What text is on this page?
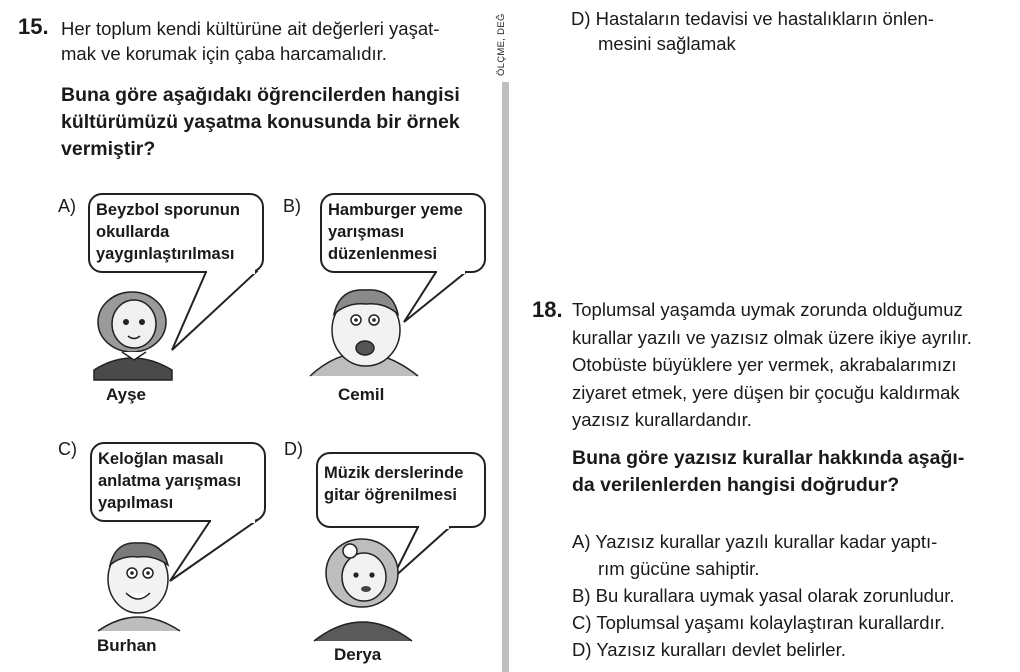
ÖLÇME, DEĞ
15. Her toplum kendi kültürüne ait değerleri yaşat-
mak ve korumak için çaba harcamalıdır.
Buna göre aşağıdakı öğrencilerden hangisi
kültürümüzü yaşatma konusunda bir örnek
vermiştir?
A) Beyzbol sporunun
okullarda
yaygınlaştırılması
Ayşe
B) Hamburger yeme
yarışması
düzenlenmesi
Cemil
C) Keloğlan masalı
anlatma yarışması
yapılması
Burhan
D)
Müzik derslerinde
gitar öğrenilmesi
Derya
D) Hastaların tedavisi ve hastalıkların önlen-
mesini sağlamak
18. Toplumsal yaşamda uymak zorunda olduğumuz
kurallar yazılı ve yazısız olmak üzere ikiye ayrılır.
Otobüste büyüklere yer vermek, akrabalarımızı
ziyaret etmek, yere düşen bir çocuğu kaldırmak
yazısız kurallardandır.
Buna göre yazısız kurallar hakkında aşağı-
da verilenlerden hangisi doğrudur?
A) Yazısız kurallar yazılı kurallar kadar yaptı-
rım gücüne sahiptir.
B) Bu kurallara uymak yasal olarak zorunludur.
C) Toplumsal yaşamı kolaylaştıran kurallardır.
D) Yazısız kuralları devlet belirler.
